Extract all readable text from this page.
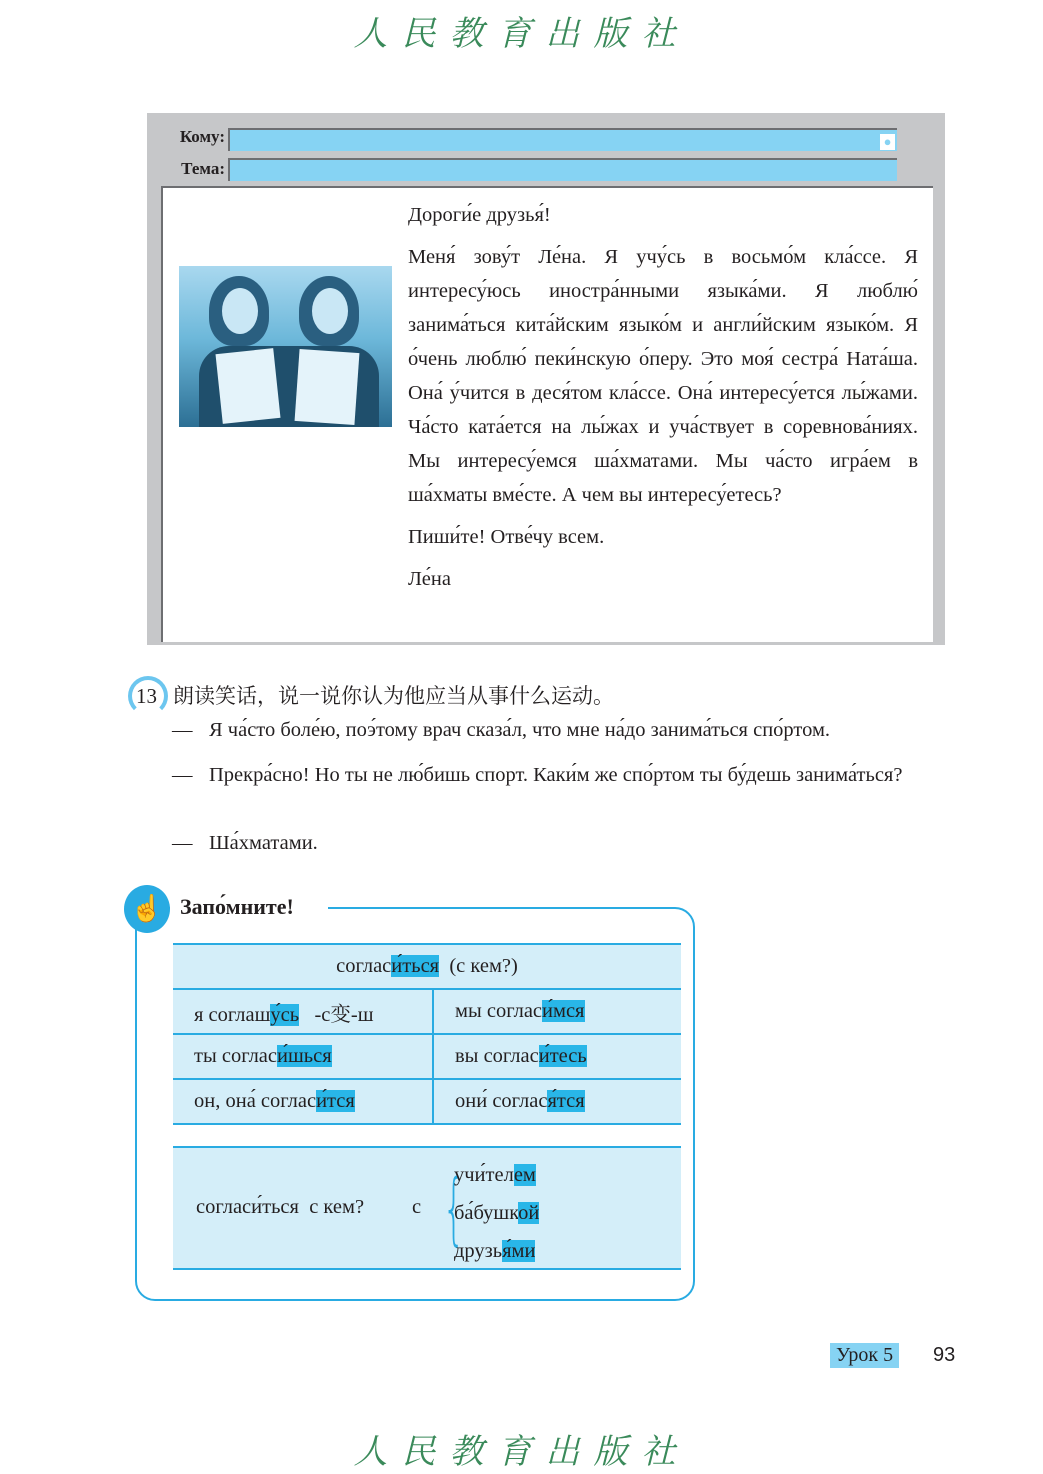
人民教育出版社
Кому:	●
Тема:

Дороги́е друзья́!

Меня́ зову́т Ле́на. Я учу́сь в восьмо́м кла́ссе. Я интересу́юсь иностра́нными языка́ми. Я люблю́ занима́ться кита́йским языко́м и англи́йским языко́м. Я о́чень люблю́ пеки́нскую о́перу. Это моя́ сестра́ Ната́ша. Она́ у́чится в деся́том кла́ссе. Она́ интересу́ется лы́жами. Ча́сто ката́ется на лы́жах и уча́ствует в соревнова́ниях. Мы интересу́емся ша́хматами. Мы ча́сто игра́ем в ша́хматы вме́сте. А чем вы интересу́етесь?

Пиши́те! Отве́чу всем.

Ле́на

13 朗读笑话，说一说你认为他应当从事什么运动。
— Я ча́сто боле́ю, поэ́тому врач сказа́л, что мне на́до занима́ться спо́ртом.
— Прекра́сно! Но ты не лю́бишь спорт. Каки́м же спо́ртом ты бу́дешь занима́ться?
— Ша́хматами.
☝ Запо́мните!
согласи́ться (с кем?)	
я соглашу́сь -с变-ш	мы согласи́мся
ты согласи́шься	вы согласи́тесь
он, она́ согласи́тся	они́ соглася́тся
согласи́ться  с кем? с {
учи́телем
ба́бушкой
друзья́ми
Урок 5	93
人民教育出版社
